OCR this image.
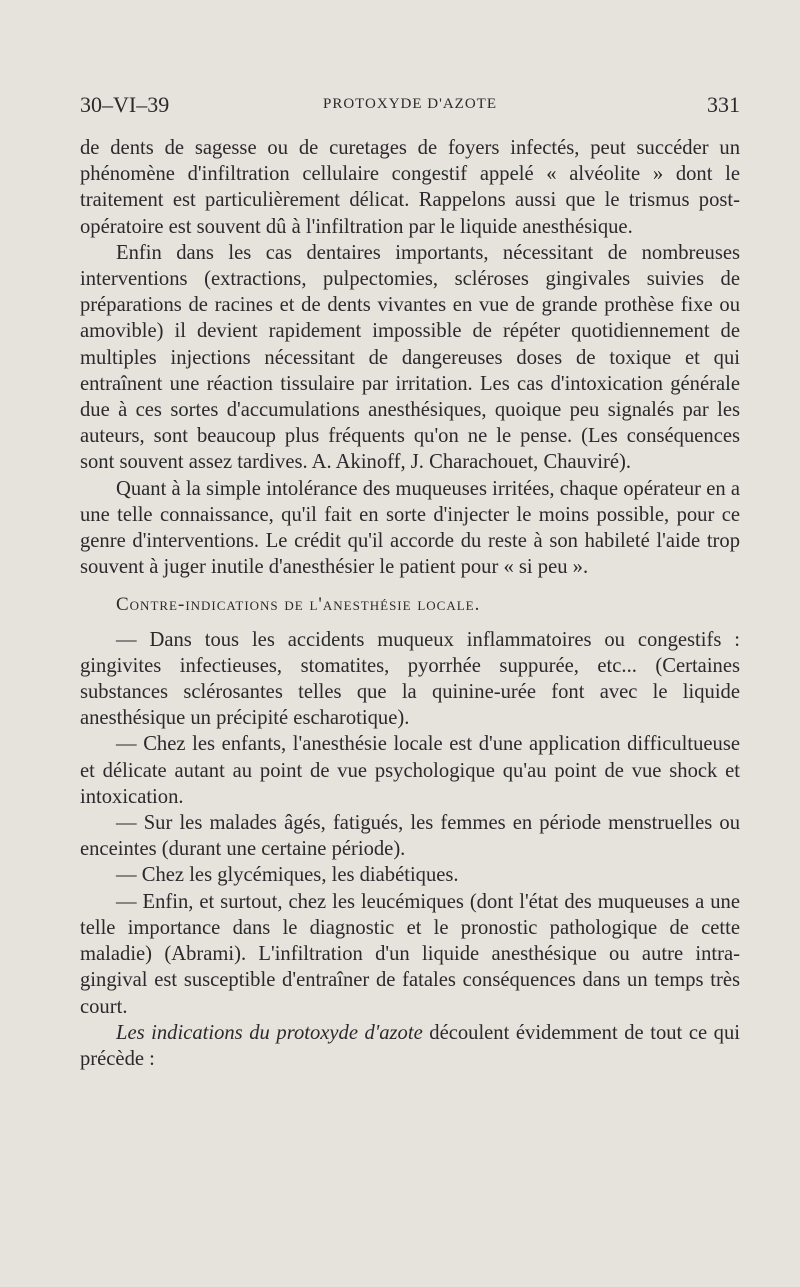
30–VI–39	PROTOXYDE D'AZOTE	331

de dents de sagesse ou de curetages de foyers infectés, peut succéder un phénomène d'infiltration cellulaire congestif appelé « alvéolite » dont le traitement est particulièrement délicat. Rappelons aussi que le trismus post-opératoire est souvent dû à l'infiltration par le liquide anesthésique.

Enfin dans les cas dentaires importants, nécessitant de nombreuses interventions (extractions, pulpectomies, scléroses gingivales suivies de préparations de racines et de dents vivantes en vue de grande prothèse fixe ou amovible) il devient rapidement impossible de répéter quotidiennement de multiples injections nécessitant de dangereuses doses de toxique et qui entraînent une réaction tissulaire par irritation. Les cas d'intoxication générale due à ces sortes d'accumulations anesthésiques, quoique peu signalés par les auteurs, sont beaucoup plus fréquents qu'on ne le pense. (Les conséquences sont souvent assez tardives. A. Akinoff, J. Charachouet, Chauviré).

Quant à la simple intolérance des muqueuses irritées, chaque opérateur en a une telle connaissance, qu'il fait en sorte d'injecter le moins possible, pour ce genre d'interventions. Le crédit qu'il accorde du reste à son habileté l'aide trop souvent à juger inutile d'anesthésier le patient pour « si peu ».

Contre-indications de l'anesthésie locale.

— Dans tous les accidents muqueux inflammatoires ou congestifs : gingivites infectieuses, stomatites, pyorrhée suppurée, etc... (Certaines substances sclérosantes telles que la quinine-urée font avec le liquide anesthésique un précipité escharotique).

— Chez les enfants, l'anesthésie locale est d'une application difficultueuse et délicate autant au point de vue psychologique qu'au point de vue shock et intoxication.

— Sur les malades âgés, fatigués, les femmes en période menstruelles ou enceintes (durant une certaine période).

— Chez les glycémiques, les diabétiques.

— Enfin, et surtout, chez les leucémiques (dont l'état des muqueuses a une telle importance dans le diagnostic et le pronostic pathologique de cette maladie) (Abrami). L'infiltration d'un liquide anesthésique ou autre intra-gingival est susceptible d'entraîner de fatales conséquences dans un temps très court.

Les indications du protoxyde d'azote découlent évidemment de tout ce qui précède :
